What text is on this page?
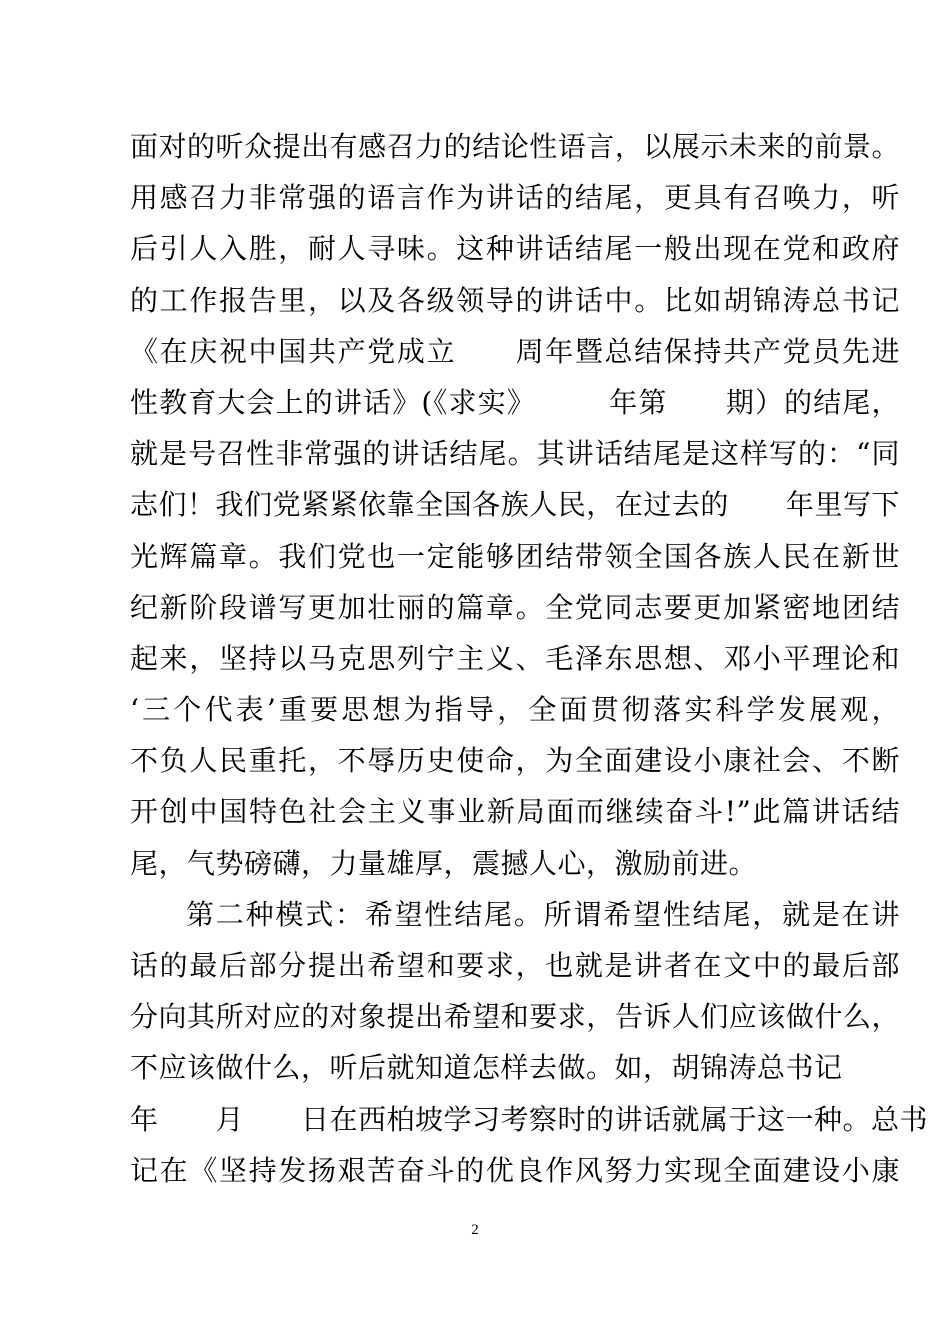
面对的听众提出有感召力的结论性语言，以展示未来的前景。
用感召力非常强的语言作为讲话的结尾，更具有召唤力，听
后引人入胜，耐人寻味。这种讲话结尾一般出现在党和政府
的工作报告里，以及各级领导的讲话中。比如胡锦涛总书记
《在庆祝中国共产党成立　　周年暨总结保持共产党员先进
性教育大会上的讲话》(《求实》　　　年第　　期）的结尾，
就是号召性非常强的讲话结尾。其讲话结尾是这样写的：“同
志们！我们党紧紧依靠全国各族人民，在过去的　　年里写下
光辉篇章。我们党也一定能够团结带领全国各族人民在新世
纪新阶段谱写更加壮丽的篇章。全党同志要更加紧密地团结
起来，坚持以马克思列宁主义、毛泽东思想、邓小平理论和
‘三个代表’重要思想为指导，全面贯彻落实科学发展观，
不负人民重托，不辱历史使命，为全面建设小康社会、不断
开创中国特色社会主义事业新局面而继续奋斗!”此篇讲话结
尾，气势磅礴，力量雄厚，震撼人心，激励前进。
第二种模式：希望性结尾。所谓希望性结尾，就是在讲
话的最后部分提出希望和要求，也就是讲者在文中的最后部
分向其所对应的对象提出希望和要求，告诉人们应该做什么，
不应该做什么，听后就知道怎样去做。如，胡锦涛总书记
年　　月　　日在西柏坡学习考察时的讲话就属于这一种。总书
记在《坚持发扬艰苦奋斗的优良作风努力实现全面建设小康
2
